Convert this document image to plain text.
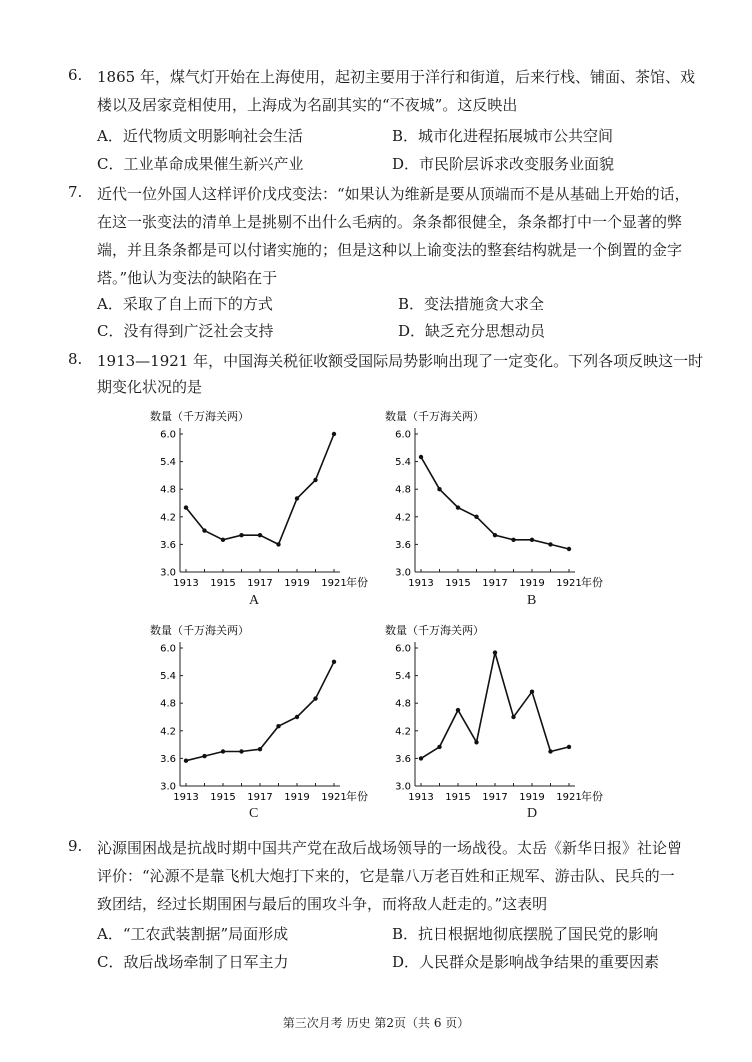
6. 1865 年，煤气灯开始在上海使用，起初主要用于洋行和街道，后来行栈、铺面、茶馆、戏
楼以及居家竞相使用，上海成为名副其实的“不夜城”。这反映出
A．近代物质文明影响社会生活	B．城市化进程拓展城市公共空间
C．工业革命成果催生新兴产业	D．市民阶层诉求改变服务业面貌
7. 近代一位外国人这样评价戊戌变法：“如果认为维新是要从顶端而不是从基础上开始的话，
在这一张变法的清单上是挑剔不出什么毛病的。条条都很健全，条条都打中一个显著的弊
端，并且条条都是可以付诸实施的；但是这种以上谕变法的整套结构就是一个倒置的金字
塔。”他认为变法的缺陷在于
A．采取了自上而下的方式	B．变法措施贪大求全
C．没有得到广泛社会支持	D．缺乏充分思想动员
8. 1913—1921 年，中国海关税征收额受国际局势影响出现了一定变化。下列各项反映这一时
期变化状况的是
数量（千万海关两）
3.0
3.6
4.2
4.8
5.4
6.0
1913 1915 1917 1919 1921 年份
数量（千万海关两）
3.0
3.6
4.2
4.8
5.4
6.0
1913 1915 1917 1919 1921 年份
数量（千万海关两）
3.0
3.6
4.2
4.8
5.4
6.0
1913 1915 1917 1919 1921 年份
数量（千万海关两）
3.0
3.6
4.2
4.8
5.4
6.0
1913 1915 1917 1919 1921 年份
A	B
C	D
9. 沁源围困战是抗战时期中国共产党在敌后战场领导的一场战役。太岳《新华日报》社论曾
评价：“沁源不是靠飞机大炮打下来的，它是靠八万老百姓和正规军、游击队、民兵的一
致团结，经过长期围困与最后的围攻斗争，而将敌人赶走的。”这表明
A．“工农武装割据”局面形成	B．抗日根据地彻底摆脱了国民党的影响
C．敌后战场牵制了日军主力	D．人民群众是影响战争结果的重要因素
第三次月考 历史 第2页（共 6 页）
